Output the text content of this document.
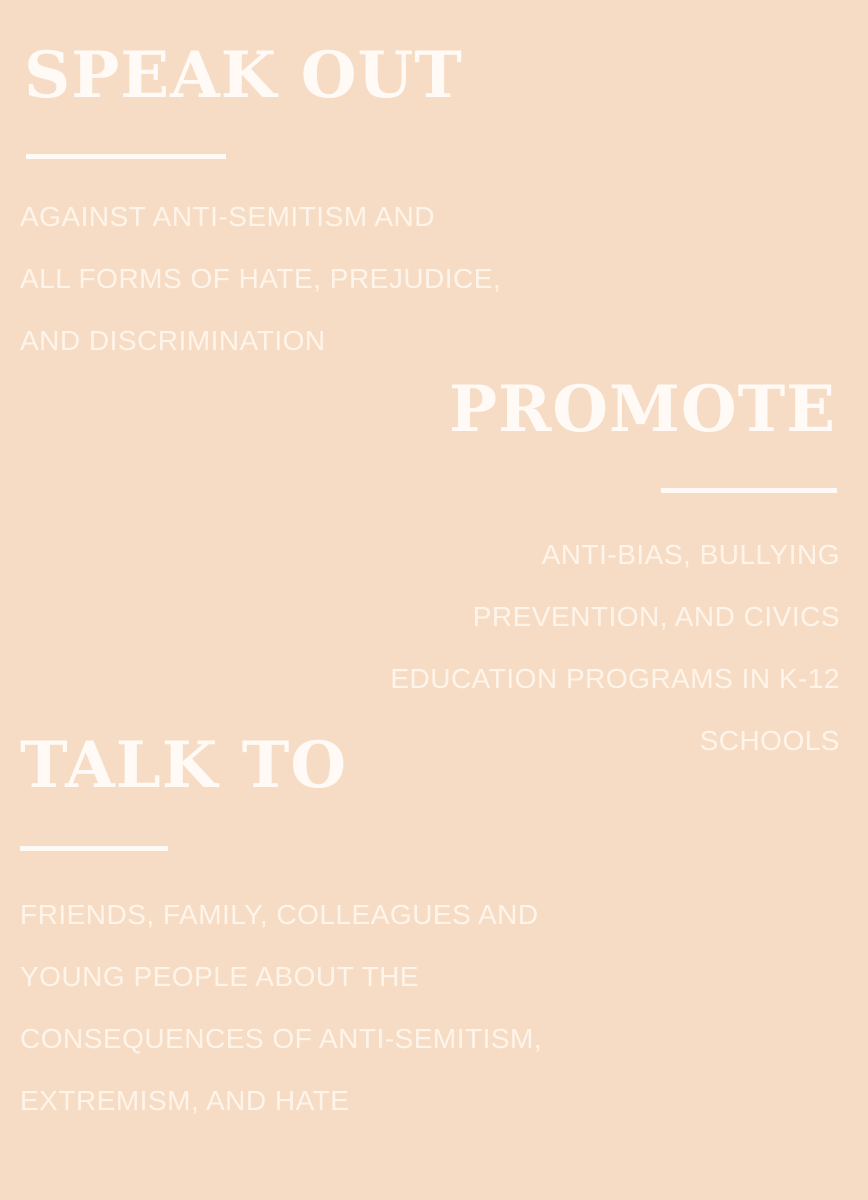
SPEAK OUT
AGAINST ANTI-SEMITISM AND
ALL FORMS OF HATE, PREJUDICE,
AND DISCRIMINATION
PROMOTE
ANTI-BIAS, BULLYING
PREVENTION, AND CIVICS
EDUCATION PROGRAMS IN K-12
SCHOOLS
TALK TO
FRIENDS, FAMILY, COLLEAGUES AND
YOUNG PEOPLE ABOUT THE
CONSEQUENCES OF ANTI-SEMITISM,
EXTREMISM, AND HATE
